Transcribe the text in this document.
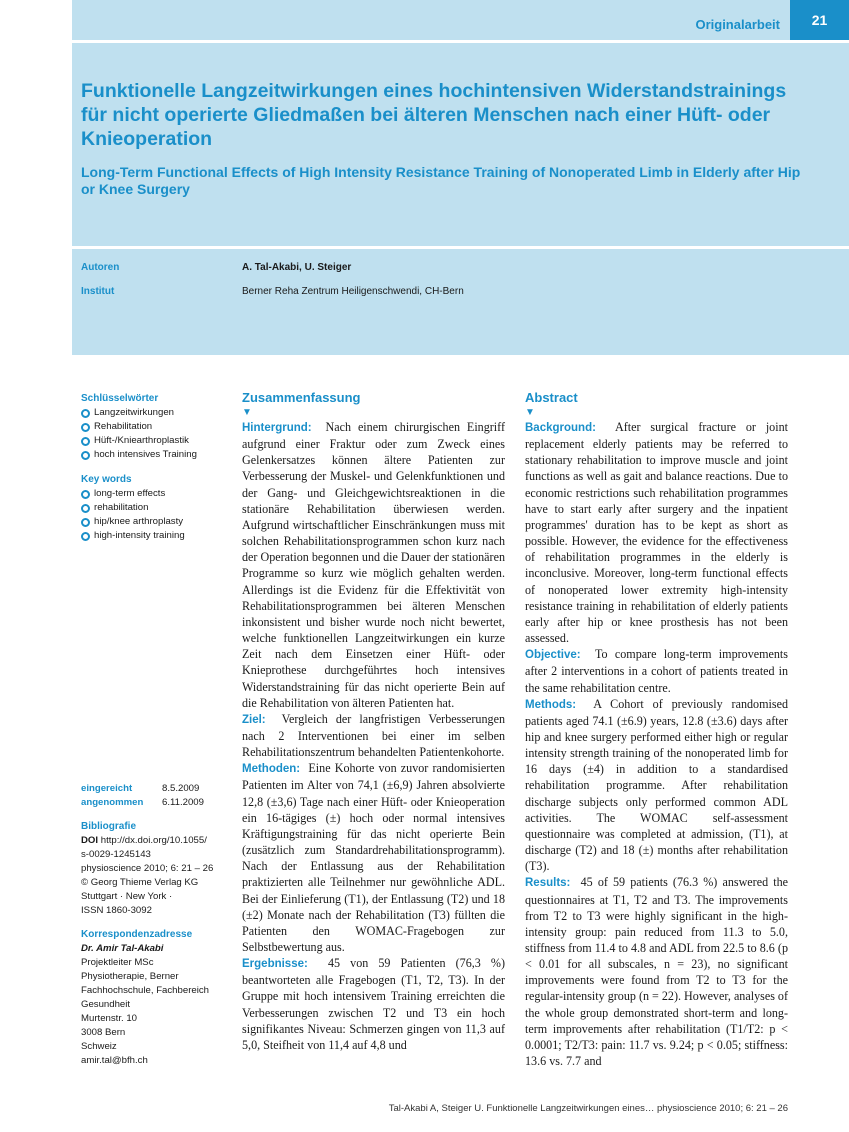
Originalarbeit	21
Funktionelle Langzeitwirkungen eines hochintensiven Widerstandstrainings für nicht operierte Gliedmaßen bei älteren Menschen nach einer Hüft- oder Knieoperation
Long-Term Functional Effects of High Intensity Resistance Training of Nonoperated Limb in Elderly after Hip or Knee Surgery
Autoren	A. Tal-Akabi, U. Steiger
Institut	Berner Reha Zentrum Heiligenschwendi, CH-Bern
Schlüsselwörter
Langzeitwirkungen
Rehabilitation
Hüft-/Kniearthroplastik
hoch intensives Training
Key words
long-term effects
rehabilitation
hip/knee arthroplasty
high-intensity training
eingereicht	8.5.2009
angenommen	6.11.2009
Bibliografie
DOI http://dx.doi.org/10.1055/
s-0029-1245143
physioscience 2010; 6: 21 – 26
© Georg Thieme Verlag KG
Stuttgart · New York ·
ISSN 1860-3092
Korrespondenzadresse
Dr. Amir Tal-Akabi
Projektleiter MSc
Physiotherapie, Berner
Fachhochschule, Fachbereich
Gesundheit
Murtenstr. 10
3008 Bern
Schweiz
amir.tal@bfh.ch
Zusammenfassung
▼

Hintergrund: Nach einem chirurgischen Eingriff aufgrund einer Fraktur oder zum Zweck eines Gelenkersatzes können ältere Patienten zur Verbesserung der Muskel- und Gelenkfunktionen und der Gang- und Gleichgewichtsreaktionen in die stationäre Rehabilitation überwiesen werden. Aufgrund wirtschaftlicher Einschränkungen muss mit solchen Rehabilitationsprogrammen schon kurz nach der Operation begonnen und die Dauer der stationären Programme so kurz wie möglich gehalten werden. Allerdings ist die Evidenz für die Effektivität von Rehabilitationsprogrammen bei älteren Menschen inkonsistent und bisher wurde noch nicht bewertet, welche funktionellen Langzeitwirkungen ein kurze Zeit nach dem Einsetzen einer Hüft- oder Knieprothese durchgeführtes hoch intensives Widerstandstraining für das nicht operierte Bein auf die Rehabilitation von älteren Patienten hat.
Ziel: Vergleich der langfristigen Verbesserungen nach 2 Interventionen bei einer im selben Rehabilitationszentrum behandelten Patientenkohorte.
Methoden: Eine Kohorte von zuvor randomisierten Patienten im Alter von 74,1 (±6,9) Jahren absolvierte 12,8 (±3,6) Tage nach einer Hüft- oder Knieoperation ein 16-tägiges (±) hoch oder normal intensives Kräftigungstraining für das nicht operierte Bein (zusätzlich zum Standardrehabilitationsprogramm). Nach der Entlassung aus der Rehabilitation praktizierten alle Teilnehmer nur gewöhnliche ADL. Bei der Einlieferung (T1), der Entlassung (T2) und 18 (±2) Monate nach der Rehabilitation (T3) füllten die Patienten den WOMAC-Fragebogen zur Selbstbewertung aus.
Ergebnisse: 45 von 59 Patienten (76,3 %) beantworteten alle Fragebogen (T1, T2, T3). In der Gruppe mit hoch intensivem Training erreichten die Verbesserungen zwischen T2 und T3 ein hoch signifikantes Niveau: Schmerzen gingen von 11,3 auf 5,0, Steifheit von 11,4 auf 4,8 und

Abstract
▼

Background: After surgical fracture or joint replacement elderly patients may be referred to stationary rehabilitation to improve muscle and joint functions as well as gait and balance reactions. Due to economic restrictions such rehabilitation programmes have to start early after surgery and the inpatient programmes' duration has to be kept as short as possible. However, the evidence for the effectiveness of rehabilitation programmes in the elderly is inconclusive. Moreover, long-term functional effects of nonoperated lower extremity high-intensity resistance training in rehabilitation of elderly patients early after hip or knee prosthesis has not been assessed.
Objective: To compare long-term improvements after 2 interventions in a cohort of patients treated in the same rehabilitation centre.
Methods: A Cohort of previously randomised patients aged 74.1 (±6.9) years, 12.8 (±3.6) days after hip and knee surgery performed either high or regular intensity strength training of the nonoperated limb for 16 days (±4) in addition to a standardised rehabilitation programme. After rehabilitation discharge subjects only performed common ADL activities. The WOMAC self-assessment questionnaire was completed at admission, (T1), at discharge (T2) and 18 (±) months after rehabilitation (T3).
Results: 45 of 59 patients (76.3 %) answered the questionnaires at T1, T2 and T3. The improvements from T2 to T3 were highly significant in the high-intensity group: pain reduced from 11.3 to 5.0, stiffness from 11.4 to 4.8 and ADL from 22.5 to 8.6 (p < 0.01 for all subscales, n = 23), no significant improvements were found from T2 to T3 for the regular-intensity group (n = 22). However, analyses of the whole group demonstrated short-term and long-term improvements after rehabilitation (T1/T2: p < 0.0001; T2/T3: pain: 11.7 vs. 9.24; p < 0.05; stiffness: 13.6 vs. 7.7 and

Tal-Akabi A, Steiger U. Funktionelle Langzeitwirkungen eines… physioscience 2010; 6: 21 – 26
